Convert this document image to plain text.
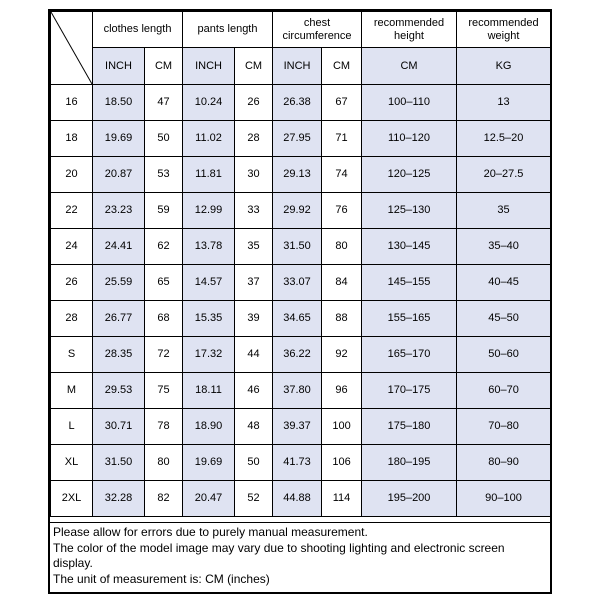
	clothes length		pants length		chest circumference		recommended height	recommended weight
	INCH	CM	INCH	CM	INCH	CM	CM	KG
16	18.50	47	10.24	26	26.38	67	100–110	13
18	19.69	50	11.02	28	27.95	71	110–120	12.5–20
20	20.87	53	11.81	30	29.13	74	120–125	20–27.5
22	23.23	59	12.99	33	29.92	76	125–130	35
24	24.41	62	13.78	35	31.50	80	130–145	35–40
26	25.59	65	14.57	37	33.07	84	145–155	40–45
28	26.77	68	15.35	39	34.65	88	155–165	45–50
S	28.35	72	17.32	44	36.22	92	165–170	50–60
M	29.53	75	18.11	46	37.80	96	170–175	60–70
L	30.71	78	18.90	48	39.37	100	175–180	70–80
XL	31.50	80	19.69	50	41.73	106	180–195	80–90
2XL	32.28	82	20.47	52	44.88	114	195–200	90–100
Please allow for errors due to purely manual measurement.
The color of the model image may vary due to shooting lighting and electronic screen display.
The unit of measurement is: CM (inches)
